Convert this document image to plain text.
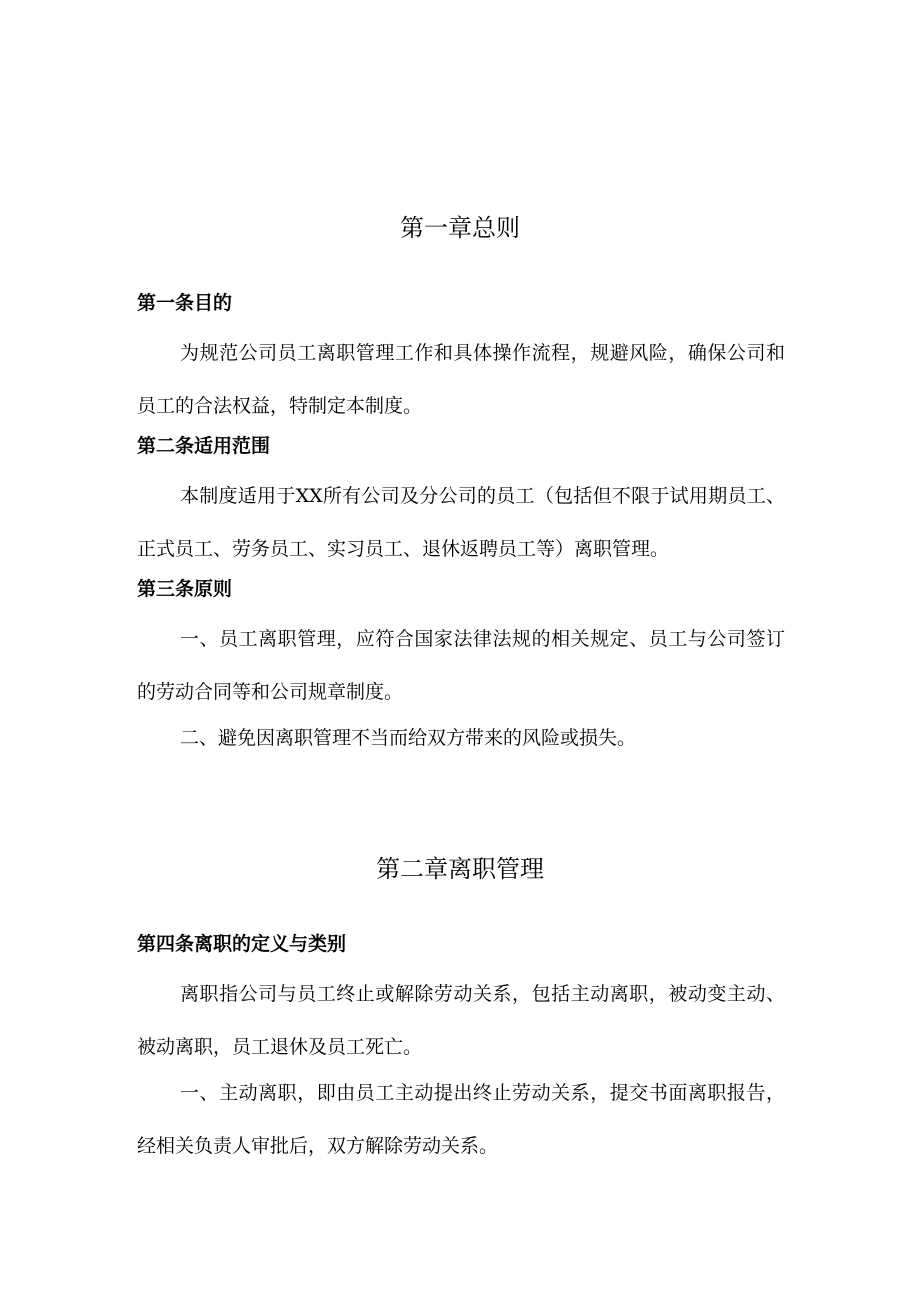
第一章总则
第一条目的

为规范公司员工离职管理工作和具体操作流程，规避风险，确保公司和员工的合法权益，特制定本制度。

第二条适用范围

本制度适用于XX所有公司及分公司的员工（包括但不限于试用期员工、正式员工、劳务员工、实习员工、退休返聘员工等）离职管理。

第三条原则

一、员工离职管理，应符合国家法律法规的相关规定、员工与公司签订的劳动合同等和公司规章制度。

二、避免因离职管理不当而给双方带来的风险或损失。

第二章离职管理
第四条离职的定义与类别

离职指公司与员工终止或解除劳动关系，包括主动离职，被动变主动、被动离职，员工退休及员工死亡。

一、主动离职，即由员工主动提出终止劳动关系，提交书面离职报告，经相关负责人审批后，双方解除劳动关系。
